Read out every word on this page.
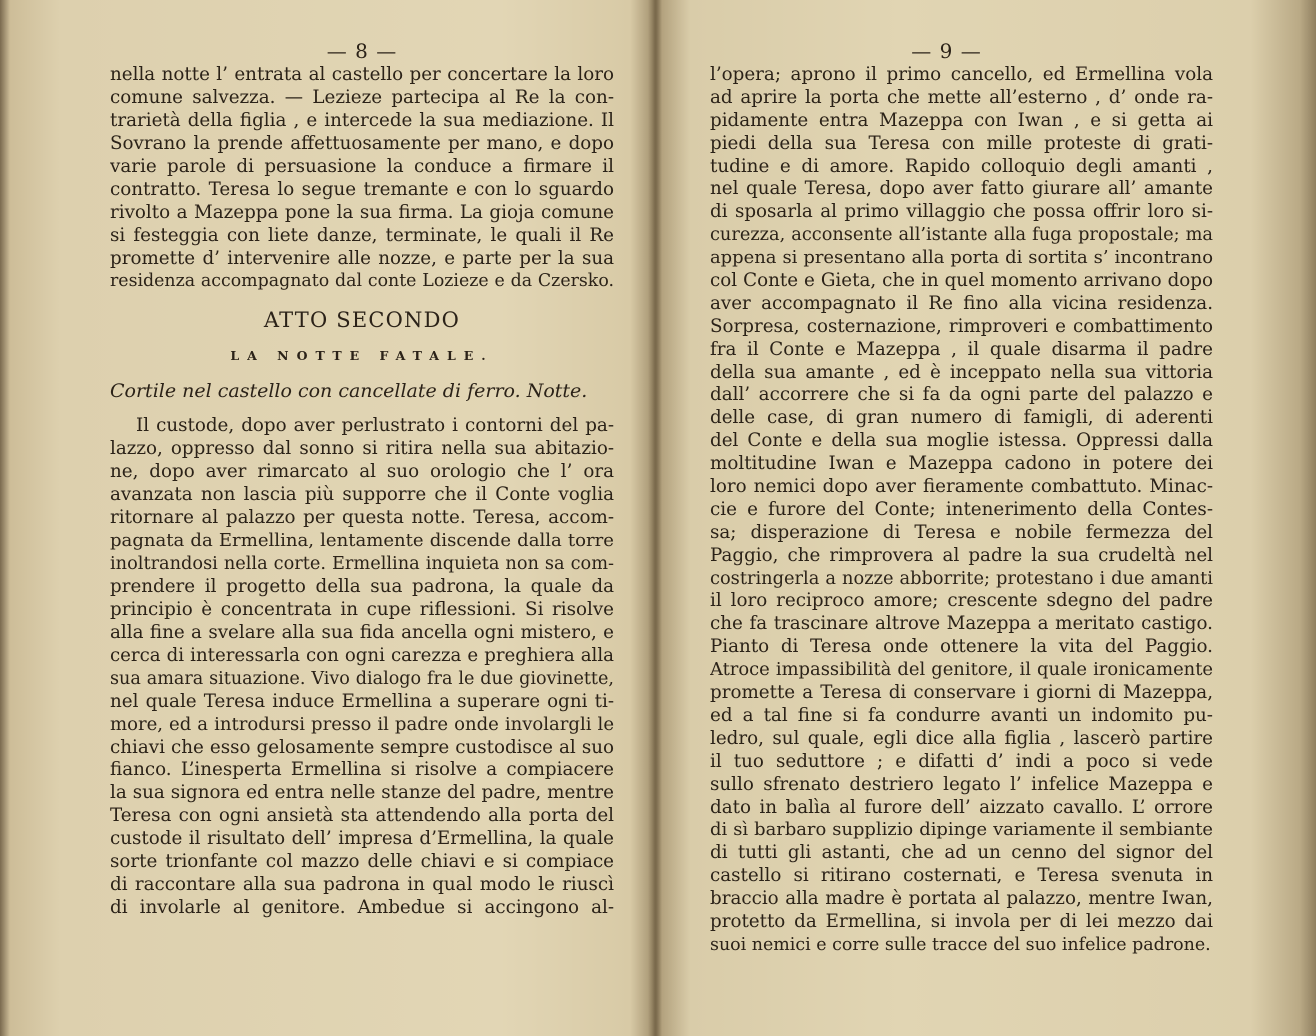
— 8 —
nella notte l’ entrata al castello per concertare la loro
comune salvezza. — Lezieze partecipa al Re la con-
trarietà della figlia , e intercede la sua mediazione. Il
Sovrano la prende affettuosamente per mano, e dopo
varie parole di persuasione la conduce a firmare il
contratto. Teresa lo segue tremante e con lo sguardo
rivolto a Mazeppa pone la sua firma. La gioja comune
si festeggia con liete danze, terminate, le quali il Re
promette d’ intervenire alle nozze, e parte per la sua
residenza accompagnato dal conte Lozieze e da Czersko.
ATTO SECONDO
LA NOTTE FATALE.
Cortile nel castello con cancellate di ferro. Notte.
Il custode, dopo aver perlustrato i contorni del pa-
lazzo, oppresso dal sonno si ritira nella sua abitazio-
ne, dopo aver rimarcato al suo orologio che l’ ora
avanzata non lascia più supporre che il Conte voglia
ritornare al palazzo per questa notte. Teresa, accom-
pagnata da Ermellina, lentamente discende dalla torre
inoltrandosi nella corte. Ermellina inquieta non sa com-
prendere il progetto della sua padrona, la quale da
principio è concentrata in cupe riflessioni. Si risolve
alla fine a svelare alla sua fida ancella ogni mistero, e
cerca di interessarla con ogni carezza e preghiera alla
sua amara situazione. Vivo dialogo fra le due giovinette,
nel quale Teresa induce Ermellina a superare ogni ti-
more, ed a introdursi presso il padre onde involargli le
chiavi che esso gelosamente sempre custodisce al suo
fianco. L’inesperta Ermellina si risolve a compiacere
la sua signora ed entra nelle stanze del padre, mentre
Teresa con ogni ansietà sta attendendo alla porta del
custode il risultato dell’ impresa d’Ermellina, la quale
sorte trionfante col mazzo delle chiavi e si compiace
di raccontare alla sua padrona in qual modo le riuscì
di involarle al genitore. Ambedue si accingono al-
— 9 —
l’opera; aprono il primo cancello, ed Ermellina vola
ad aprire la porta che mette all’esterno , d’ onde ra-
pidamente entra Mazeppa con Iwan , e si getta ai
piedi della sua Teresa con mille proteste di grati-
tudine e di amore. Rapido colloquio degli amanti ,
nel quale Teresa, dopo aver fatto giurare all’ amante
di sposarla al primo villaggio che possa offrir loro si-
curezza, acconsente all’istante alla fuga propostale; ma
appena si presentano alla porta di sortita s’ incontrano
col Conte e Gieta, che in quel momento arrivano dopo
aver accompagnato il Re fino alla vicina residenza.
Sorpresa, costernazione, rimproveri e combattimento
fra il Conte e Mazeppa , il quale disarma il padre
della sua amante , ed è inceppato nella sua vittoria
dall’ accorrere che si fa da ogni parte del palazzo e
delle case, di gran numero di famigli, di aderenti
del Conte e della sua moglie istessa. Oppressi dalla
moltitudine Iwan e Mazeppa cadono in potere dei
loro nemici dopo aver fieramente combattuto. Minac-
cie e furore del Conte; intenerimento della Contes-
sa; disperazione di Teresa e nobile fermezza del
Paggio, che rimprovera al padre la sua crudeltà nel
costringerla a nozze abborrite; protestano i due amanti
il loro reciproco amore; crescente sdegno del padre
che fa trascinare altrove Mazeppa a meritato castigo.
Pianto di Teresa onde ottenere la vita del Paggio.
Atroce impassibilità del genitore, il quale ironicamente
promette a Teresa di conservare i giorni di Mazeppa,
ed a tal fine si fa condurre avanti un indomito pu-
ledro, sul quale, egli dice alla figlia , lascerò partire
il tuo seduttore ; e difatti d’ indi a poco si vede
sullo sfrenato destriero legato l’ infelice Mazeppa e
dato in balìa al furore dell’ aizzato cavallo. L’ orrore
di sì barbaro supplizio dipinge variamente il sembiante
di tutti gli astanti, che ad un cenno del signor del
castello si ritirano costernati, e Teresa svenuta in
braccio alla madre è portata al palazzo, mentre Iwan,
protetto da Ermellina, si invola per di lei mezzo dai
suoi nemici e corre sulle tracce del suo infelice padrone.
